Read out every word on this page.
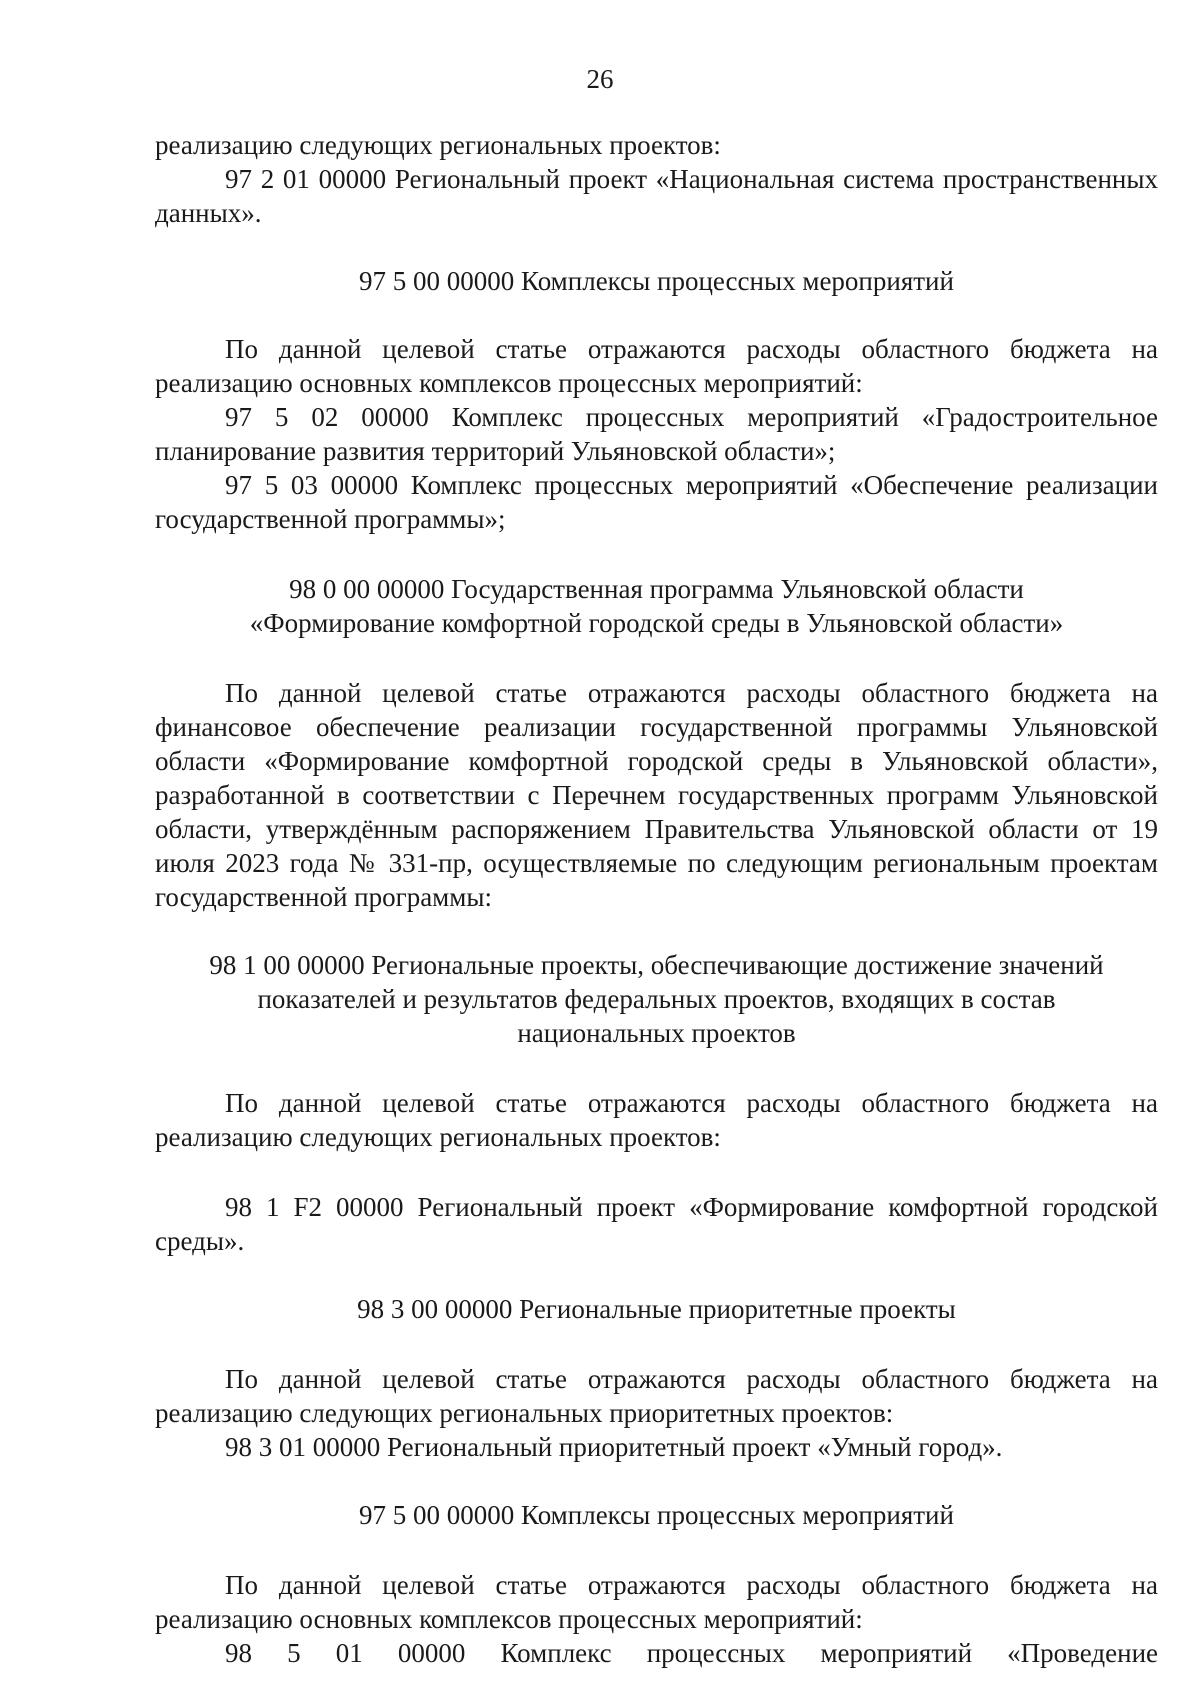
26

реализацию следующих региональных проектов:

97 2 01 00000 Региональный проект «Национальная система пространственных данных».

97 5 00 00000 Комплексы процессных мероприятий

По данной целевой статье отражаются расходы областного бюджета на реализацию основных комплексов процессных мероприятий:

97 5 02 00000 Комплекс процессных мероприятий «Градостроительное планирование развития территорий Ульяновской области»;

97 5 03 00000 Комплекс процессных мероприятий «Обеспечение реализации государственной программы»;

98 0 00 00000 Государственная программа Ульяновской области

«Формирование комфортной городской среды в Ульяновской области»

По данной целевой статье отражаются расходы областного бюджета на финансовое обеспечение реализации государственной программы Ульяновской области «Формирование комфортной городской среды в Ульяновской области», разработанной в соответствии с Перечнем государственных программ Ульяновской области, утверждённым распоряжением Правительства Ульяновской области от 19 июля 2023 года № 331-пр, осуществляемые по следующим региональным проектам государственной программы:

98 1 00 00000 Региональные проекты, обеспечивающие достижение значений

показателей и результатов федеральных проектов, входящих в состав

национальных проектов

По данной целевой статье отражаются расходы областного бюджета на реализацию следующих региональных проектов:

98 1 F2 00000 Региональный проект «Формирование комфортной городской среды».

98 3 00 00000 Региональные приоритетные проекты

По данной целевой статье отражаются расходы областного бюджета на реализацию следующих региональных приоритетных проектов:

98 3 01 00000 Региональный приоритетный проект «Умный город».

97 5 00 00000 Комплексы процессных мероприятий

По данной целевой статье отражаются расходы областного бюджета на реализацию основных комплексов процессных мероприятий:

98 5 01 00000 Комплекс процессных мероприятий «Проведение
